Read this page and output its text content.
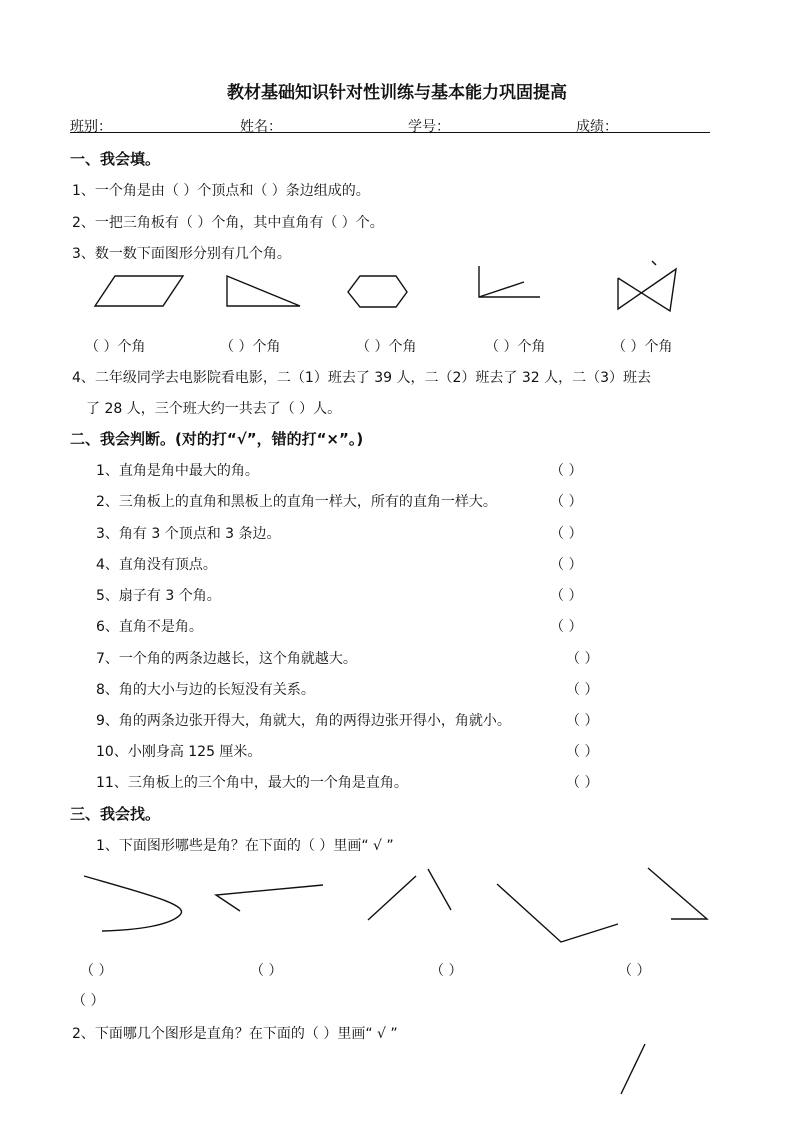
教材基础知识针对性训练与基本能力巩固提高
班别：	姓名：	学号：	成绩：
一、我会填。
1、一个角是由（ ）个顶点和（ ）条边组成的。
2、一把三角板有（ ）个角，其中直角有（ ）个。
3、数一数下面图形分别有几个角。
（ ）个角	（ ）个角	（ ）个角	（ ）个角	（ ）个角
4、二年级同学去电影院看电影，二（1）班去了 39 人，二（2）班去了 32 人，二（3）班去
了 28 人，三个班大约一共去了（ ）人。
二、我会判断。(对的打“√”，错的打“×”。)
1、直角是角中最大的角。	（ ）
2、三角板上的直角和黑板上的直角一样大，所有的直角一样大。	（ ）
3、角有 3 个顶点和 3 条边。	（ ）
4、直角没有顶点。	（ ）
5、扇子有 3 个角。	（ ）
6、直角不是角。	（ ）
7、一个角的两条边越长，这个角就越大。	（ ）
8、角的大小与边的长短没有关系。	（ ）
9、角的两条边张开得大，角就大，角的两得边张开得小，角就小。	（ ）
10、小刚身高 125 厘米。	（ ）
11、三角板上的三个角中，最大的一个角是直角。	（ ）
三、我会找。
1、下面图形哪些是角？在下面的（ ）里画“ √ ”
（ ）	（ ）	（ ）	（ ）
（ ）
2、下面哪几个图形是直角？在下面的（ ）里画“ √ ”
